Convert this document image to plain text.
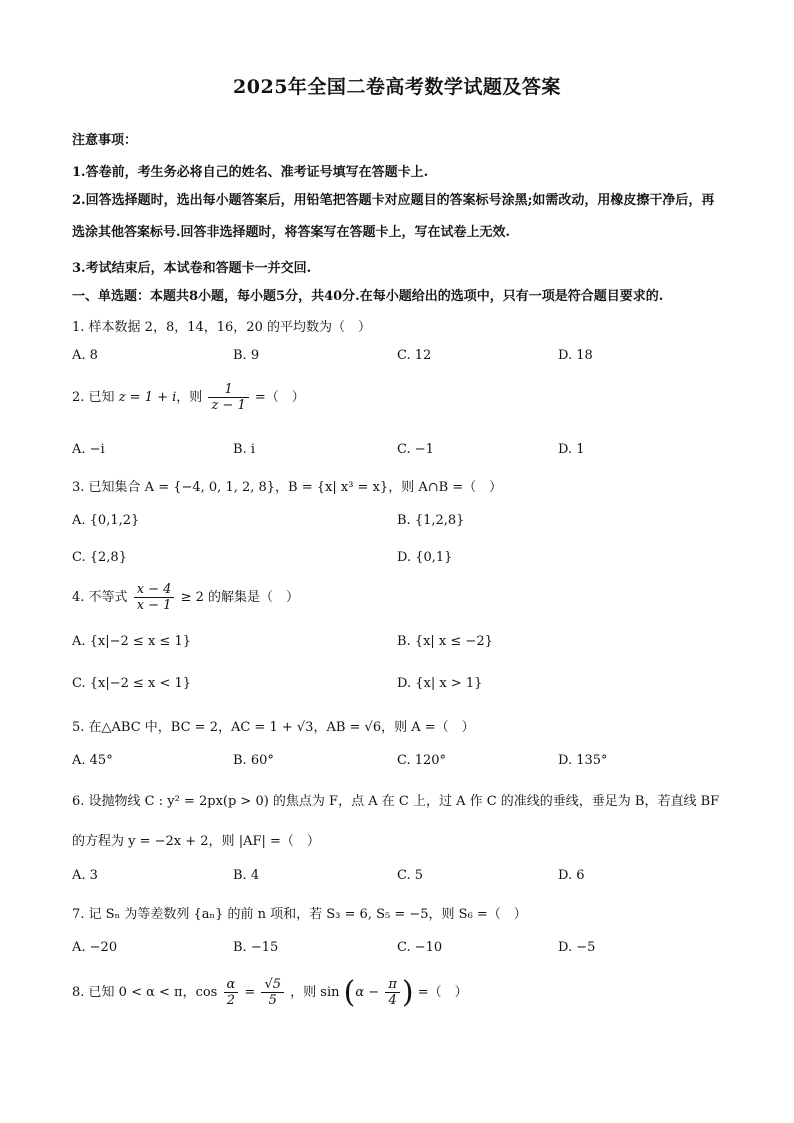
2025年全国二卷高考数学试题及答案
注意事项：
1.答卷前，考生务必将自己的姓名、准考证号填写在答题卡上.
2.回答选择题时，选出每小题答案后，用铅笔把答题卡对应题目的答案标号涂黑;如需改动，用橡皮擦干净后，再选涂其他答案标号.回答非选择题时，将答案写在答题卡上，写在试卷上无效.
3.考试结束后，本试卷和答题卡一并交回.
一、单选题：本题共8小题，每小题5分，共40分.在每小题给出的选项中，只有一项是符合题目要求的.
1. 样本数据 2，8，14，16，20 的平均数为（　）
A. 8	B. 9	C. 12	D. 18
2. 已知 z = 1 + i，则 $\frac{1}{z - 1}$ =（　）
A. −i	B. i	C. −1	D. 1
3. 已知集合 A = {−4, 0, 1, 2, 8}，B = {x| x³ = x}，则 A∩B =（　）
A. {0,1,2}	B. {1,2,8}
C. {2,8}	D. {0,1}
4. 不等式 $\frac{x - 4}{x - 1} \ge 2$ 的解集是（　）
A. {x|−2 ≤ x ≤ 1}	B. {x| x ≤ −2}
C. {x|−2 ≤ x < 1}	D. {x| x > 1}
5. 在△ABC 中，BC = 2，AC = 1 + √3，AB = √6，则 A =（　）
A. 45°	B. 60°	C. 120°	D. 135°
6. 设抛物线 C : y² = 2px(p > 0) 的焦点为 F，点 A 在 C 上，过 A 作 C 的准线的垂线，垂足为 B，若直线 BF
的方程为 y = −2x + 2，则 |AF| =（　）
A. 3	B. 4	C. 5	D. 6
7. 记 Sₙ 为等差数列 {aₙ} 的前 n 项和，若 S₃ = 6, S₅ = −5，则 S₆ =（　）
A. −20	B. −15	C. −10	D. −5
8. 已知 0 < α < π，$\cos \frac{\alpha}{2} = \frac{√5}{5}$ ，则 $\sin (\alpha - \frac{\pi}{4}$ ) =（　）
